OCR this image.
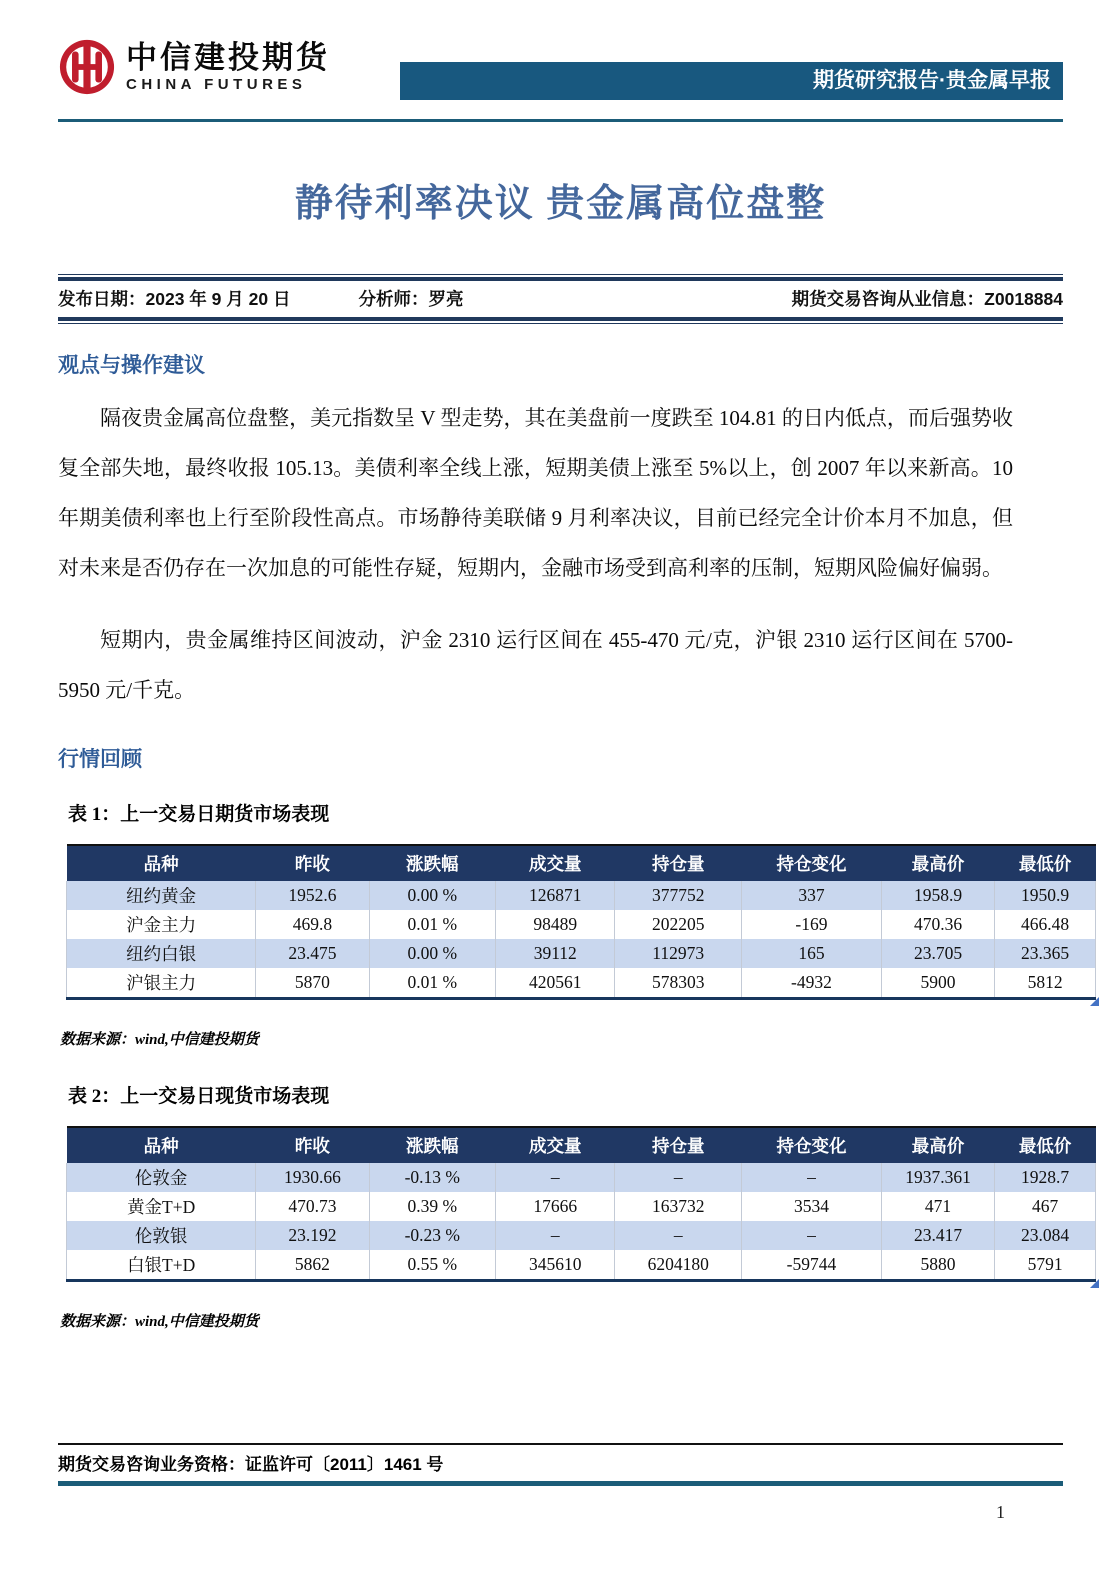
中信建投期货
CHINA FUTURES	期货研究报告·贵金属早报
静待利率决议 贵金属高位盘整
发布日期：2023 年 9 月 20 日	分析师：罗亮	期货交易咨询从业信息：Z0018884
观点与操作建议

隔夜贵金属高位盘整，美元指数呈 V 型走势，其在美盘前一度跌至 104.81 的日内低点，而后强势收复全部失地，最终收报 105.13。美债利率全线上涨，短期美债上涨至 5%以上，创 2007 年以来新高。10 年期美债利率也上行至阶段性高点。市场静待美联储 9 月利率决议，目前已经完全计价本月不加息，但对未来是否仍存在一次加息的可能性存疑，短期内，金融市场受到高利率的压制，短期风险偏好偏弱。

短期内，贵金属维持区间波动，沪金 2310 运行区间在 455-470 元/克，沪银 2310 运行区间在 5700-5950 元/千克。

行情回顾
表 1：上一交易日期货市场表现
品种	昨收	涨跌幅	成交量	持仓量	持仓变化	最高价	最低价
纽约黄金	1952.6	0.00 %	126871	377752	337	1958.9	1950.9
沪金主力	469.8	0.01 %	98489	202205	-169	470.36	466.48
纽约白银	23.475	0.00 %	39112	112973	165	23.705	23.365
沪银主力	5870	0.01 %	420561	578303	-4932	5900	5812
数据来源：wind,中信建投期货
表 2：上一交易日现货市场表现
品种	昨收	涨跌幅	成交量	持仓量	持仓变化	最高价	最低价
伦敦金	1930.66	-0.13 %	–	–	–	1937.361	1928.7
黄金T+D	470.73	0.39 %	17666	163732	3534	471	467
伦敦银	23.192	-0.23 %	–	–	–	23.417	23.084
白银T+D	5862	0.55 %	345610	6204180	-59744	5880	5791
数据来源：wind,中信建投期货
期货交易咨询业务资格：证监许可〔2011〕1461 号
1
